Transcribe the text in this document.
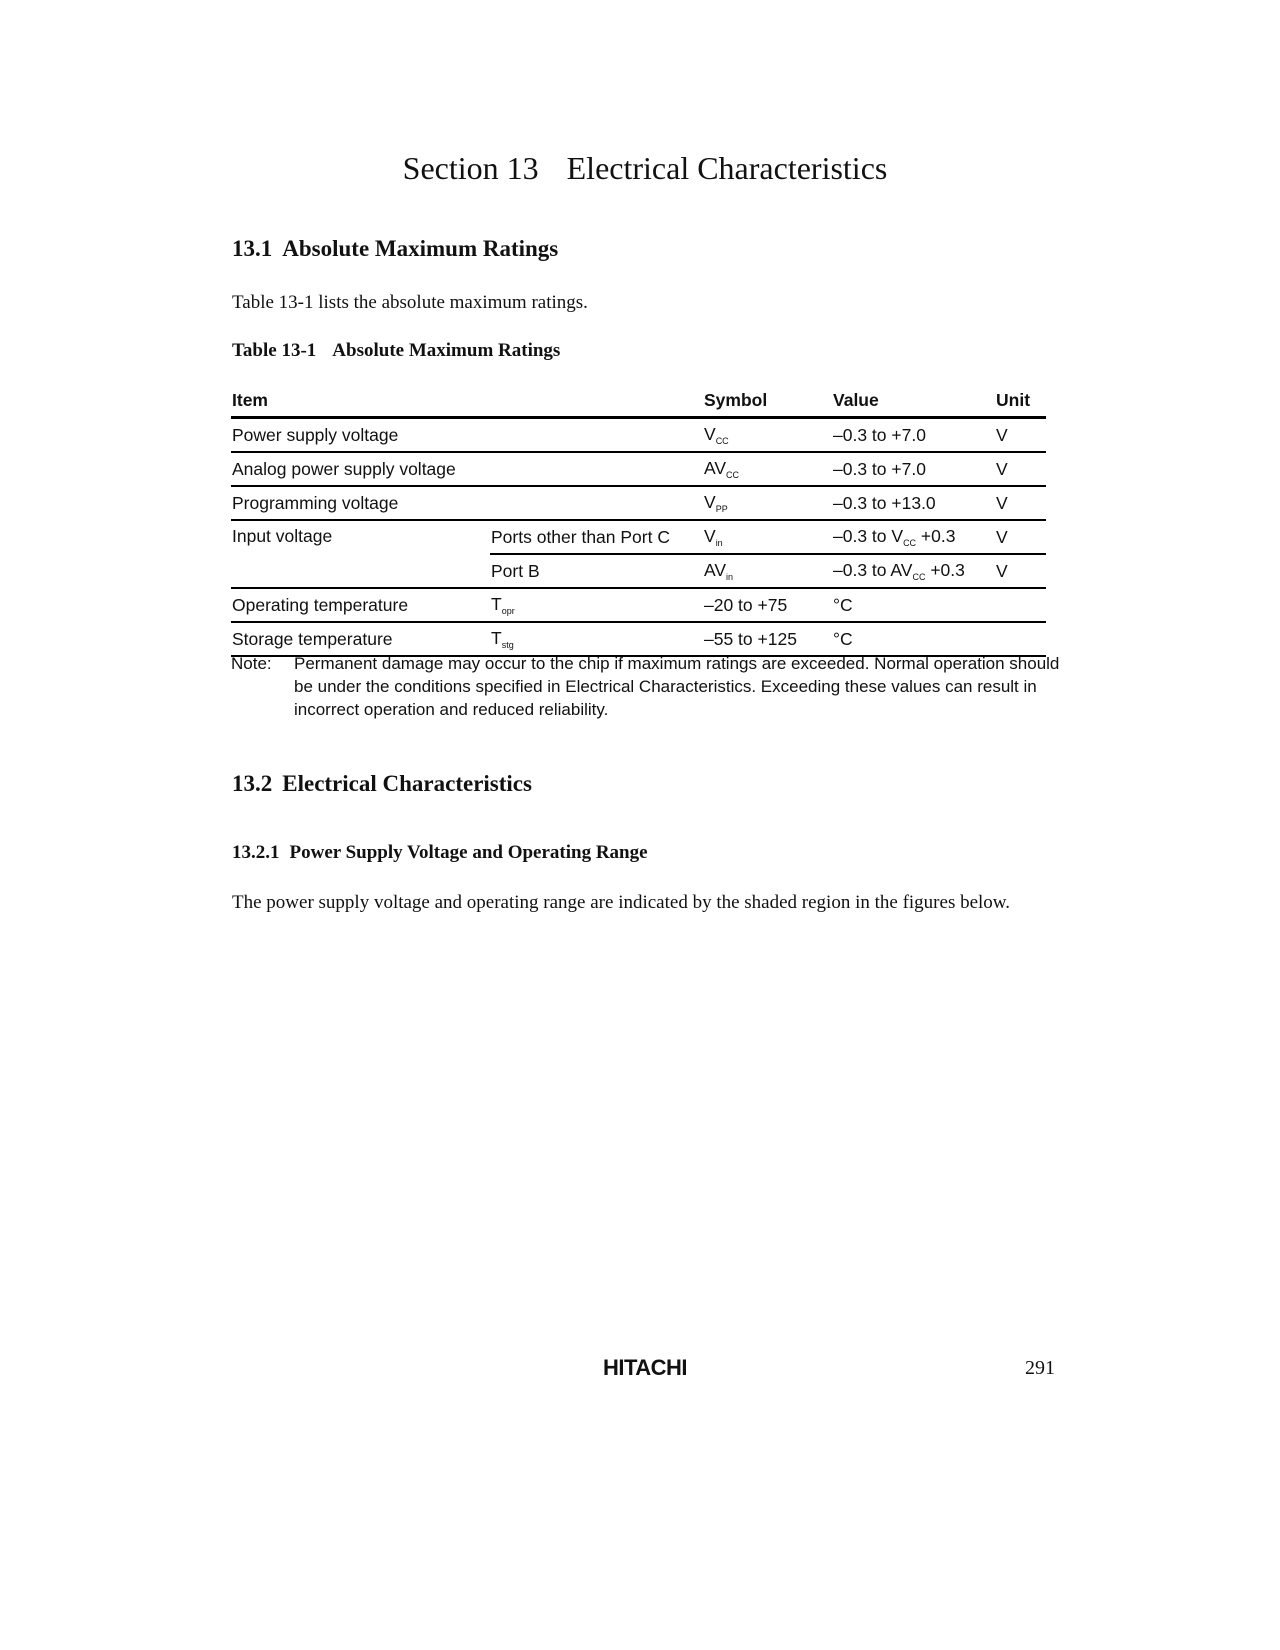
Section 13 Electrical Characteristics
13.1 Absolute Maximum Ratings

Table 13-1 lists the absolute maximum ratings.

Table 13-1 Absolute Maximum Ratings
Item		Symbol	Value	Unit
Power supply voltage		$V_{CC}$	–0.3 to +7.0	V
Analog power supply voltage		$AV_{CC}$	–0.3 to +7.0	V
Programming voltage		$V_{PP}$	–0.3 to +13.0	V
Input voltage	Ports other than Port C	$V_{in}$	–0.3 to $V_{CC} +0.3$	V
	Port B	$AV_{in}$	–0.3 to $AV_{CC} +0.3$	V
Operating temperature	$T_{opr}$	–20 to +75	°C	
Storage temperature	$T_{stg}$	–55 to +125	°C	
Note: Permanent damage may occur to the chip if maximum ratings are exceeded. Normal operation should be under the conditions specified in Electrical Characteristics. Exceeding these values can result in incorrect operation and reduced reliability.
13.2 Electrical Characteristics
13.2.1 Power Supply Voltage and Operating Range

The power supply voltage and operating range are indicated by the shaded region in the figures below.

HITACHI	291
